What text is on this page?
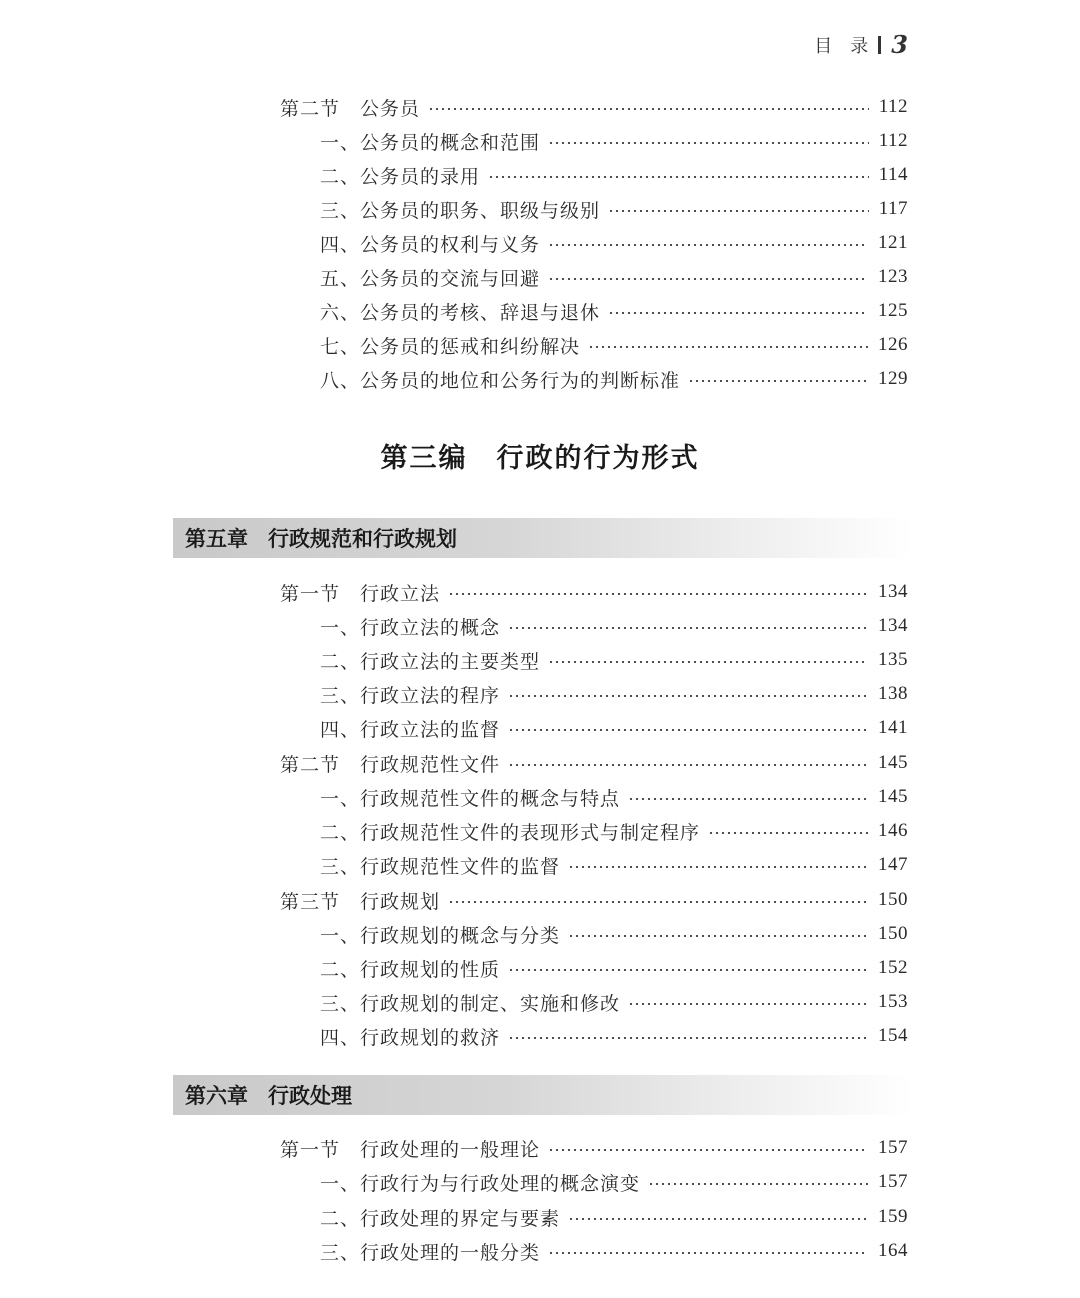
目　录 3
第二节　公务员	112
一、公务员的概念和范围	112
二、公务员的录用	114
三、公务员的职务、职级与级别	117
四、公务员的权利与义务	121
五、公务员的交流与回避	123
六、公务员的考核、辞退与退休	125
七、公务员的惩戒和纠纷解决	126
八、公务员的地位和公务行为的判断标准	129
第三编　行政的行为形式
第五章 行政规范和行政规划
第一节　行政立法	134
一、行政立法的概念	134
二、行政立法的主要类型	135
三、行政立法的程序	138
四、行政立法的监督	141
第二节　行政规范性文件	145
一、行政规范性文件的概念与特点	145
二、行政规范性文件的表现形式与制定程序	146
三、行政规范性文件的监督	147
第三节　行政规划	150
一、行政规划的概念与分类	150
二、行政规划的性质	152
三、行政规划的制定、实施和修改	153
四、行政规划的救济	154
第六章 行政处理
第一节　行政处理的一般理论	157
一、行政行为与行政处理的概念演变	157
二、行政处理的界定与要素	159
三、行政处理的一般分类	164
